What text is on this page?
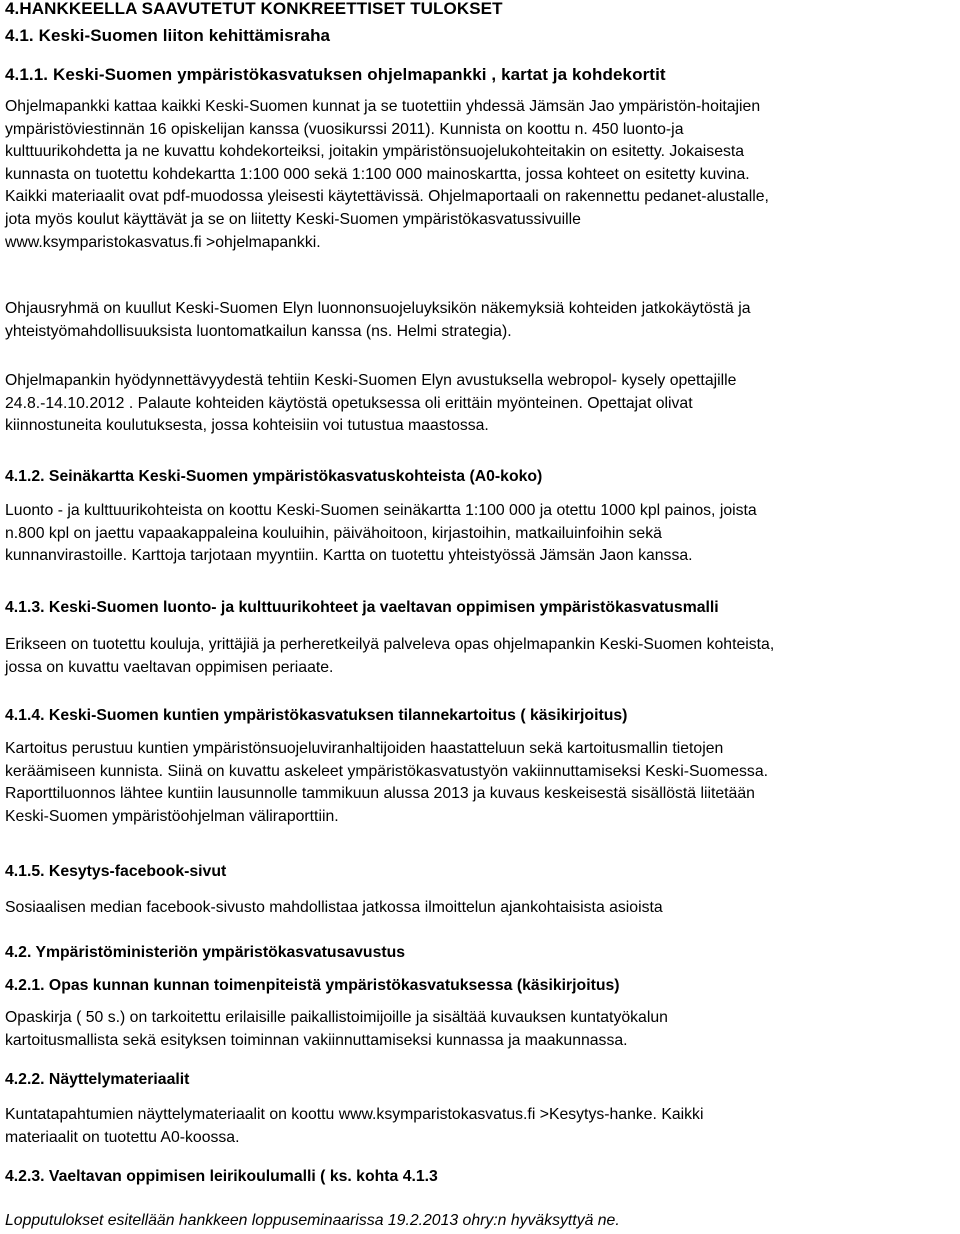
4.HANKKEELLA SAAVUTETUT KONKREETTISET TULOKSET
4.1. Keski-Suomen liiton kehittämisraha
4.1.1. Keski-Suomen ympäristökasvatuksen ohjelmapankki , kartat ja kohdekortit
Ohjelmapankki kattaa kaikki Keski-Suomen kunnat ja se tuotettiin yhdessä Jämsän Jao ympäristön-hoitajien
ympäristöviestinnän 16 opiskelijan kanssa (vuosikurssi 2011). Kunnista on koottu n. 450 luonto-ja
kulttuurikohdetta ja ne kuvattu kohdekorteiksi, joitakin ympäristönsuojelukohteitakin on esitetty. Jokaisesta
kunnasta on tuotettu kohdekartta 1:100 000 sekä 1:100 000 mainoskartta, jossa kohteet on esitetty kuvina.
Kaikki materiaalit ovat pdf-muodossa yleisesti käytettävissä. Ohjelmaportaali on rakennettu pedanet-alustalle,
jota myös koulut käyttävät ja se on liitetty Keski-Suomen ympäristökasvatussivuille
www.ksymparistokasvatus.fi >ohjelmapankki.
Ohjausryhmä on kuullut Keski-Suomen Elyn luonnonsuojeluyksikön näkemyksiä kohteiden jatkokäytöstä ja
yhteistyömahdollisuuksista luontomatkailun kanssa (ns. Helmi strategia).
Ohjelmapankin hyödynnettävyydestä tehtiin Keski-Suomen Elyn avustuksella webropol- kysely opettajille
24.8.-14.10.2012 . Palaute kohteiden käytöstä opetuksessa oli erittäin myönteinen. Opettajat olivat
kiinnostuneita koulutuksesta, jossa kohteisiin voi tutustua maastossa.
4.1.2. Seinäkartta Keski-Suomen ympäristökasvatuskohteista (A0-koko)
Luonto - ja kulttuurikohteista on koottu Keski-Suomen seinäkartta 1:100 000 ja otettu 1000 kpl painos, joista
n.800 kpl on jaettu vapaakappaleina kouluihin, päivähoitoon, kirjastoihin, matkailuinfoihin sekä
kunnanvirastoille. Karttoja tarjotaan myyntiin. Kartta on tuotettu yhteistyössä Jämsän Jaon kanssa.
4.1.3. Keski-Suomen luonto- ja kulttuurikohteet ja vaeltavan oppimisen ympäristökasvatusmalli
Erikseen on tuotettu kouluja, yrittäjiä ja perheretkeilyä palveleva opas ohjelmapankin Keski-Suomen kohteista,
jossa on kuvattu vaeltavan oppimisen periaate.
4.1.4. Keski-Suomen kuntien ympäristökasvatuksen tilannekartoitus ( käsikirjoitus)
Kartoitus perustuu kuntien ympäristönsuojeluviranhaltijoiden haastatteluun sekä kartoitusmallin tietojen
keräämiseen kunnista. Siinä on kuvattu askeleet ympäristökasvatustyön vakiinnuttamiseksi Keski-Suomessa.
Raporttiluonnos lähtee kuntiin lausunnolle tammikuun alussa 2013 ja kuvaus keskeisestä sisällöstä liitetään
Keski-Suomen ympäristöohjelman väliraporttiin.
4.1.5. Kesytys-facebook-sivut
Sosiaalisen median facebook-sivusto mahdollistaa jatkossa ilmoittelun ajankohtaisista asioista
4.2. Ympäristöministeriön ympäristökasvatusavustus
4.2.1. Opas kunnan kunnan toimenpiteistä ympäristökasvatuksessa (käsikirjoitus)
Opaskirja ( 50 s.) on tarkoitettu erilaisille paikallistoimijoille ja sisältää kuvauksen kuntatyökalun
kartoitusmallista sekä esityksen toiminnan vakiinnuttamiseksi kunnassa ja maakunnassa.
4.2.2. Näyttelymateriaalit
Kuntatapahtumien näyttelymateriaalit on koottu www.ksymparistokasvatus.fi >Kesytys-hanke. Kaikki
materiaalit on tuotettu A0-koossa.
4.2.3. Vaeltavan oppimisen leirikoulumalli ( ks. kohta 4.1.3
Lopputulokset esitellään hankkeen loppuseminaarissa 19.2.2013 ohry:n hyväksyttyä ne.
